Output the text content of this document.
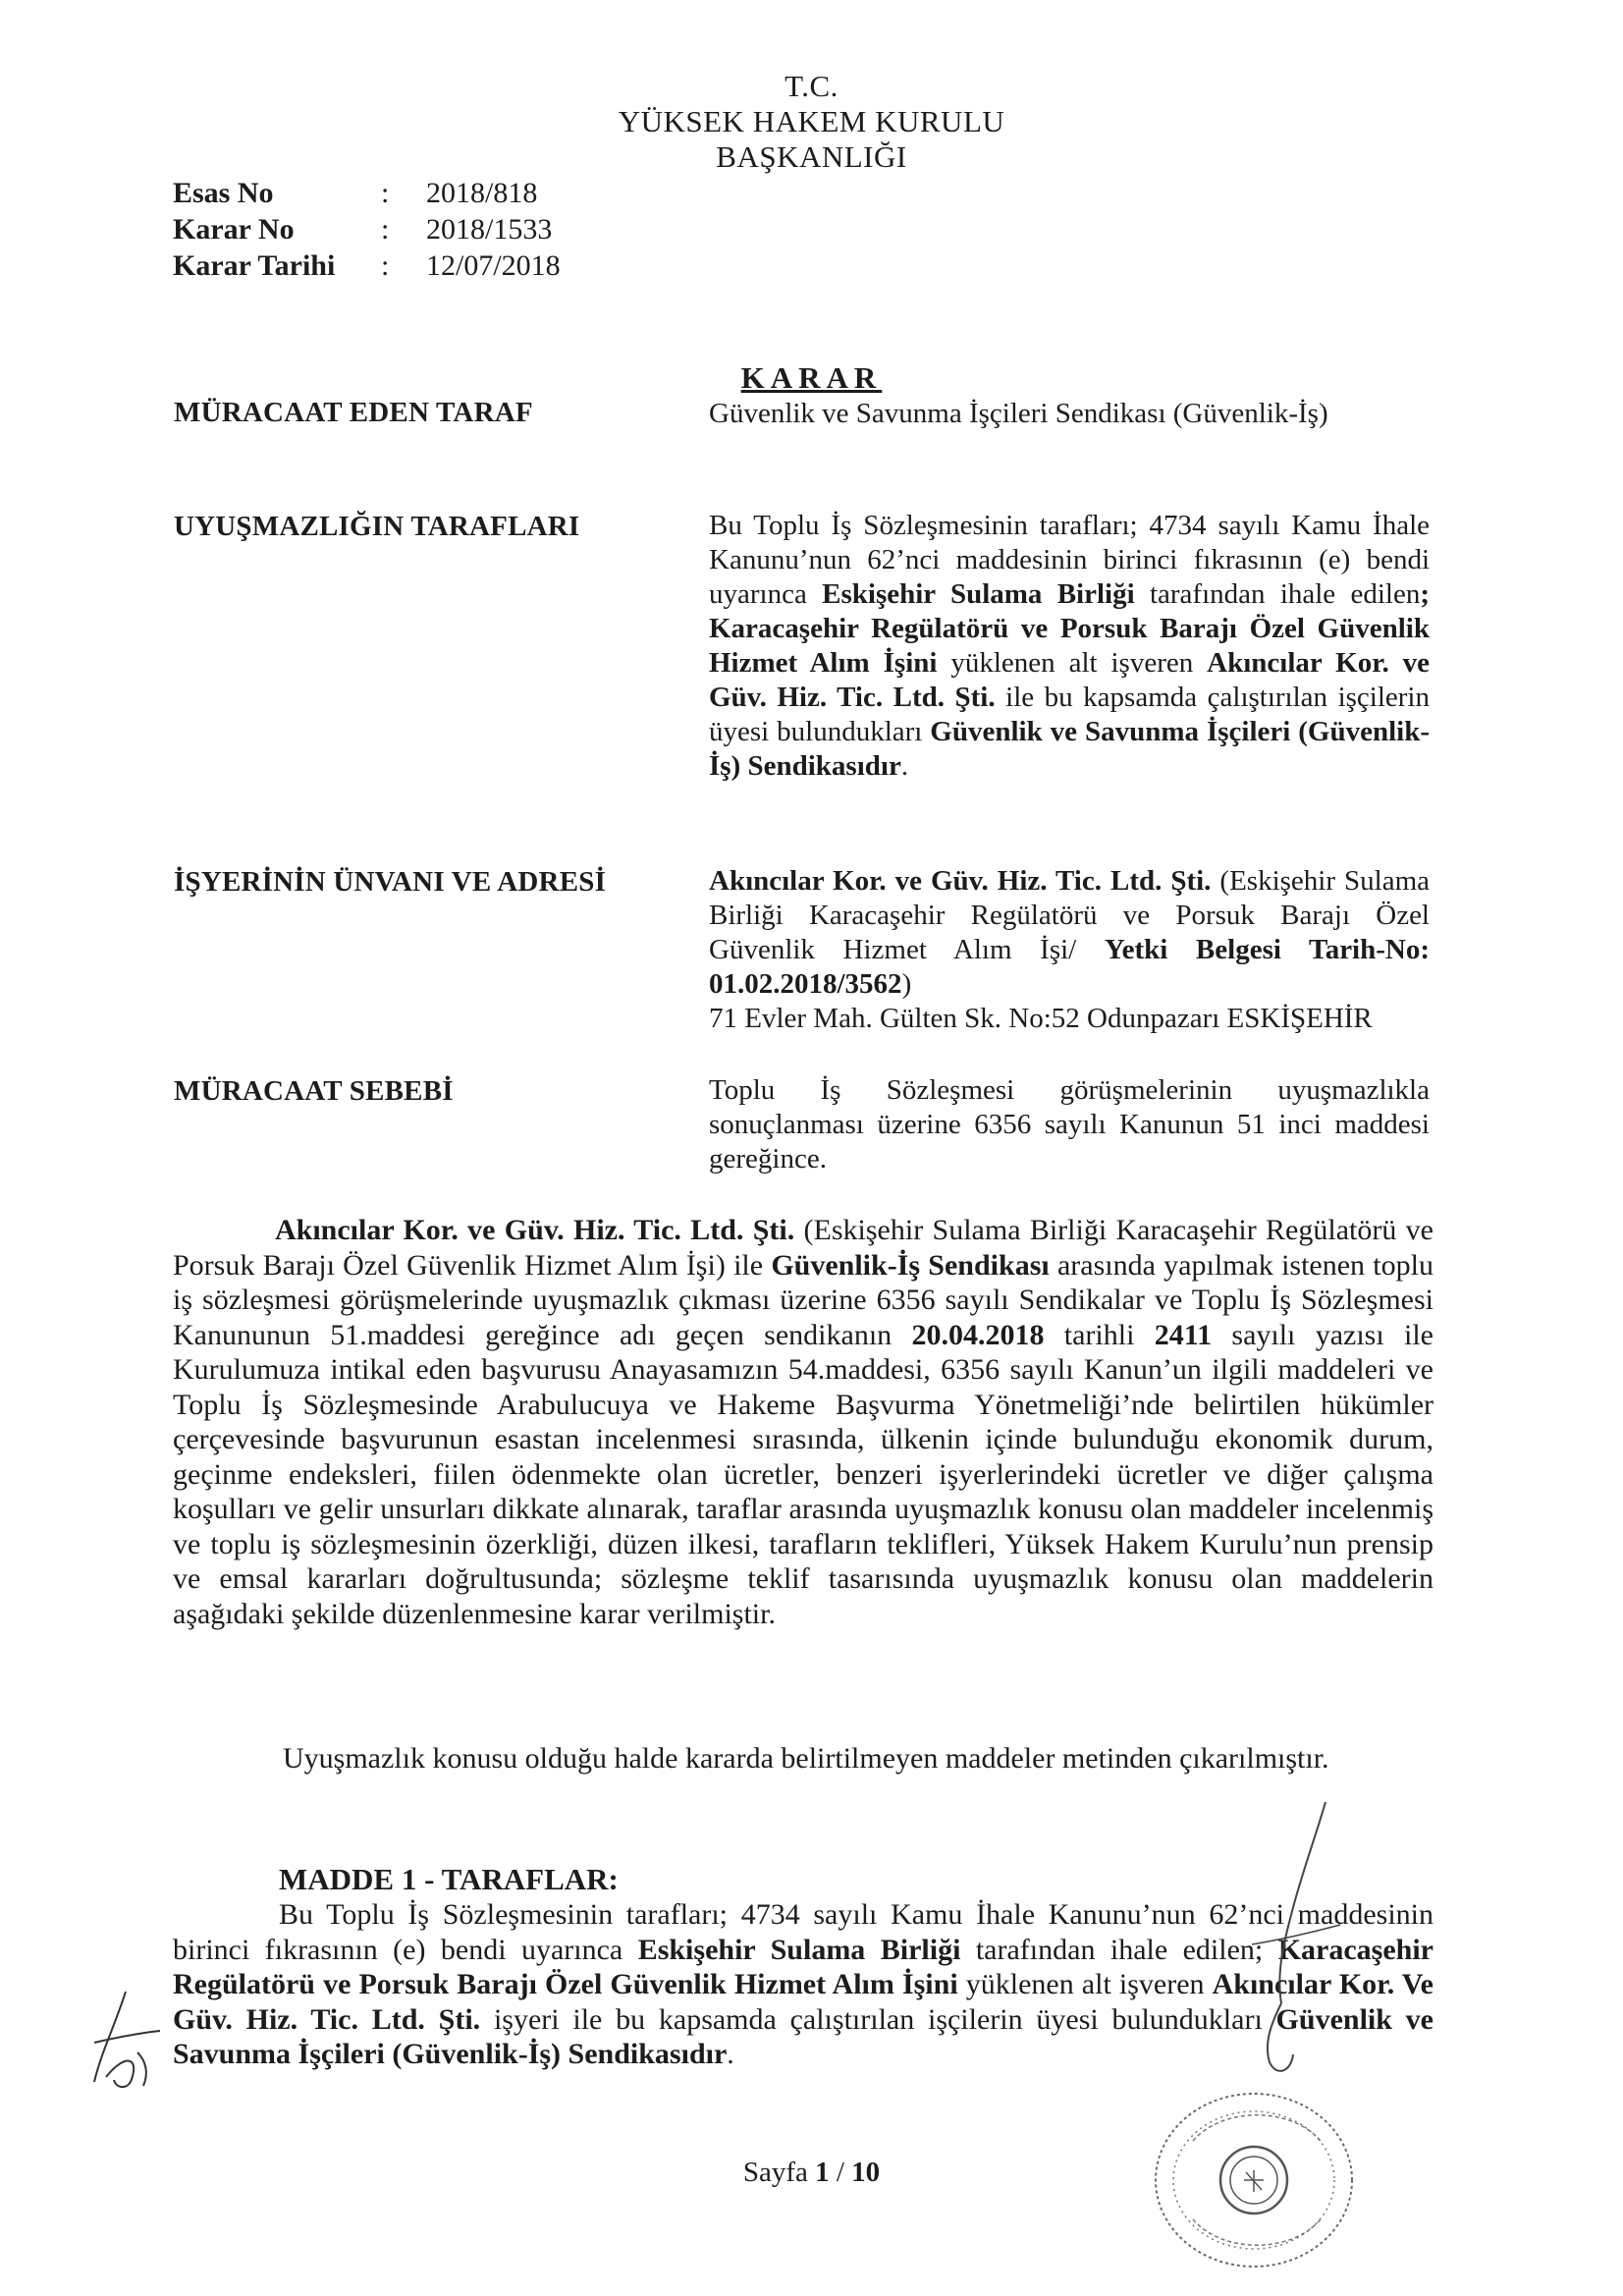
T.C.
YÜKSEK HAKEM KURULU
BAŞKANLIĞI
Esas No	:	2018/818
Karar No	:	2018/1533
Karar Tarihi	:	12/07/2018
KARAR
MÜRACAAT EDEN TARAF	Güvenlik ve Savunma İşçileri Sendikası (Güvenlik-İş)
UYUŞMAZLIĞIN TARAFLARI	Bu Toplu İş Sözleşmesinin tarafları; 4734 sayılı Kamu İhale Kanunu’nun 62’nci maddesinin birinci fıkrasının (e) bendi uyarınca Eskişehir Sulama Birliği tarafından ihale edilen; Karacaşehir Regülatörü ve Porsuk Barajı Özel Güvenlik Hizmet Alım İşini yüklenen alt işveren Akıncılar Kor. ve Güv. Hiz. Tic. Ltd. Şti. ile bu kapsamda çalıştırılan işçilerin üyesi bulundukları Güvenlik ve Savunma İşçileri (Güvenlik-İş) Sendikasıdır.
İŞYERİNİN ÜNVANI VE ADRESİ	Akıncılar Kor. ve Güv. Hiz. Tic. Ltd. Şti. (Eskişehir Sulama Birliği Karacaşehir Regülatörü ve Porsuk Barajı Özel Güvenlik Hizmet Alım İşi/ Yetki Belgesi Tarih-No: 01.02.2018/3562)
71 Evler Mah. Gülten Sk. No:52 Odunpazarı ESKİŞEHİR
MÜRACAAT SEBEBİ	Toplu İş Sözleşmesi görüşmelerinin uyuşmazlıkla sonuçlanması üzerine 6356 sayılı Kanunun 51 inci maddesi gereğince.
Akıncılar Kor. ve Güv. Hiz. Tic. Ltd. Şti. (Eskişehir Sulama Birliği Karacaşehir Regülatörü ve Porsuk Barajı Özel Güvenlik Hizmet Alım İşi) ile Güvenlik-İş Sendikası arasında yapılmak istenen toplu iş sözleşmesi görüşmelerinde uyuşmazlık çıkması üzerine 6356 sayılı Sendikalar ve Toplu İş Sözleşmesi Kanununun 51.maddesi gereğince adı geçen sendikanın 20.04.2018 tarihli 2411 sayılı yazısı ile Kurulumuza intikal eden başvurusu Anayasamızın 54.maddesi, 6356 sayılı Kanun’un ilgili maddeleri ve Toplu İş Sözleşmesinde Arabulucuya ve Hakeme Başvurma Yönetmeliği’nde belirtilen hükümler çerçevesinde başvurunun esastan incelenmesi sırasında, ülkenin içinde bulunduğu ekonomik durum, geçinme endeksleri, fiilen ödenmekte olan ücretler, benzeri işyerlerindeki ücretler ve diğer çalışma koşulları ve gelir unsurları dikkate alınarak, taraflar arasında uyuşmazlık konusu olan maddeler incelenmiş ve toplu iş sözleşmesinin özerkliği, düzen ilkesi, tarafların teklifleri, Yüksek Hakem Kurulu’nun prensip ve emsal kararları doğrultusunda; sözleşme teklif tasarısında uyuşmazlık konusu olan maddelerin aşağıdaki şekilde düzenlenmesine karar verilmiştir.
Uyuşmazlık konusu olduğu halde kararda belirtilmeyen maddeler metinden çıkarılmıştır.
MADDE 1 - TARAFLAR:
Bu Toplu İş Sözleşmesinin tarafları; 4734 sayılı Kamu İhale Kanunu’nun 62’nci maddesinin birinci fıkrasının (e) bendi uyarınca Eskişehir Sulama Birliği tarafından ihale edilen; Karacaşehir Regülatörü ve Porsuk Barajı Özel Güvenlik Hizmet Alım İşini yüklenen alt işveren Akıncılar Kor. Ve Güv. Hiz. Tic. Ltd. Şti. işyeri ile bu kapsamda çalıştırılan işçilerin üyesi bulundukları Güvenlik ve Savunma İşçileri (Güvenlik-İş) Sendikasıdır.
Sayfa 1 / 10
